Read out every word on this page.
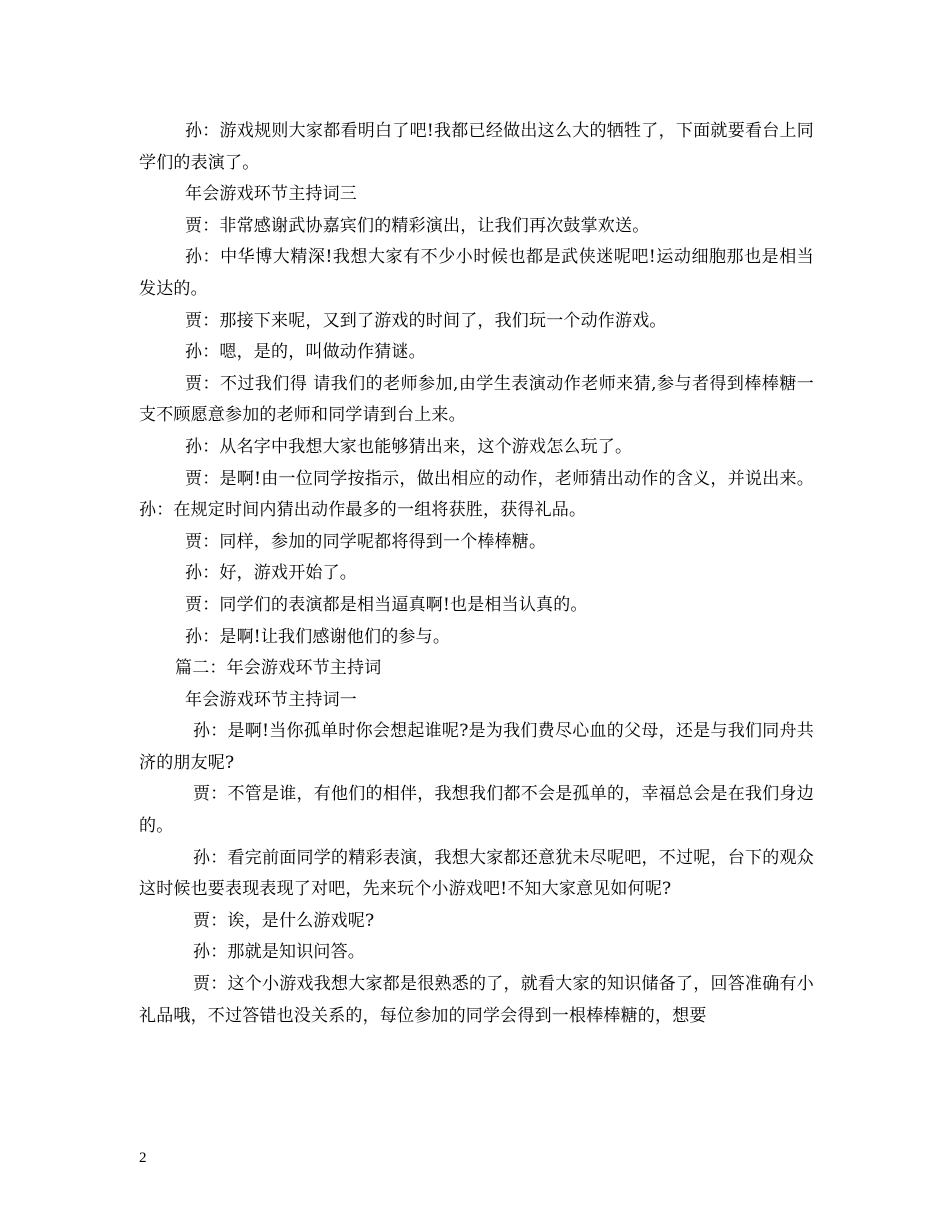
孙：游戏规则大家都看明白了吧!我都已经做出这么大的牺牲了，下面就要看台上同学们的表演了。

年会游戏环节主持词三

贾：非常感谢武协嘉宾们的精彩演出，让我们再次鼓掌欢送。

孙：中华博大精深!我想大家有不少小时候也都是武侠迷呢吧!运动细胞那也是相当发达的。

贾：那接下来呢，又到了游戏的时间了，我们玩一个动作游戏。

孙：嗯，是的，叫做动作猜谜。

贾：不过我们得 请我们的老师参加,由学生表演动作老师来猜,参与者得到棒棒糖一支不顾愿意参加的老师和同学请到台上来。

孙：从名字中我想大家也能够猜出来，这个游戏怎么玩了。

贾：是啊!由一位同学按指示，做出相应的动作，老师猜出动作的含义，并说出来。 孙：在规定时间内猜出动作最多的一组将获胜，获得礼品。

贾：同样，参加的同学呢都将得到一个棒棒糖。

孙：好，游戏开始了。

贾：同学们的表演都是相当逼真啊!也是相当认真的。

孙：是啊!让我们感谢他们的参与。

篇二：年会游戏环节主持词

年会游戏环节主持词一

孙：是啊!当你孤单时你会想起谁呢?是为我们费尽心血的父母，还是与我们同舟共济的朋友呢?

贾：不管是谁，有他们的相伴，我想我们都不会是孤单的，幸福总会是在我们身边的。

孙：看完前面同学的精彩表演，我想大家都还意犹未尽呢吧，不过呢，台下的观众这时候也要表现表现了对吧，先来玩个小游戏吧!不知大家意见如何呢?

贾：诶，是什么游戏呢?

孙：那就是知识问答。

贾：这个小游戏我想大家都是很熟悉的了，就看大家的知识储备了，回答准确有小礼品哦，不过答错也没关系的，每位参加的同学会得到一根棒棒糖的，想要

2
